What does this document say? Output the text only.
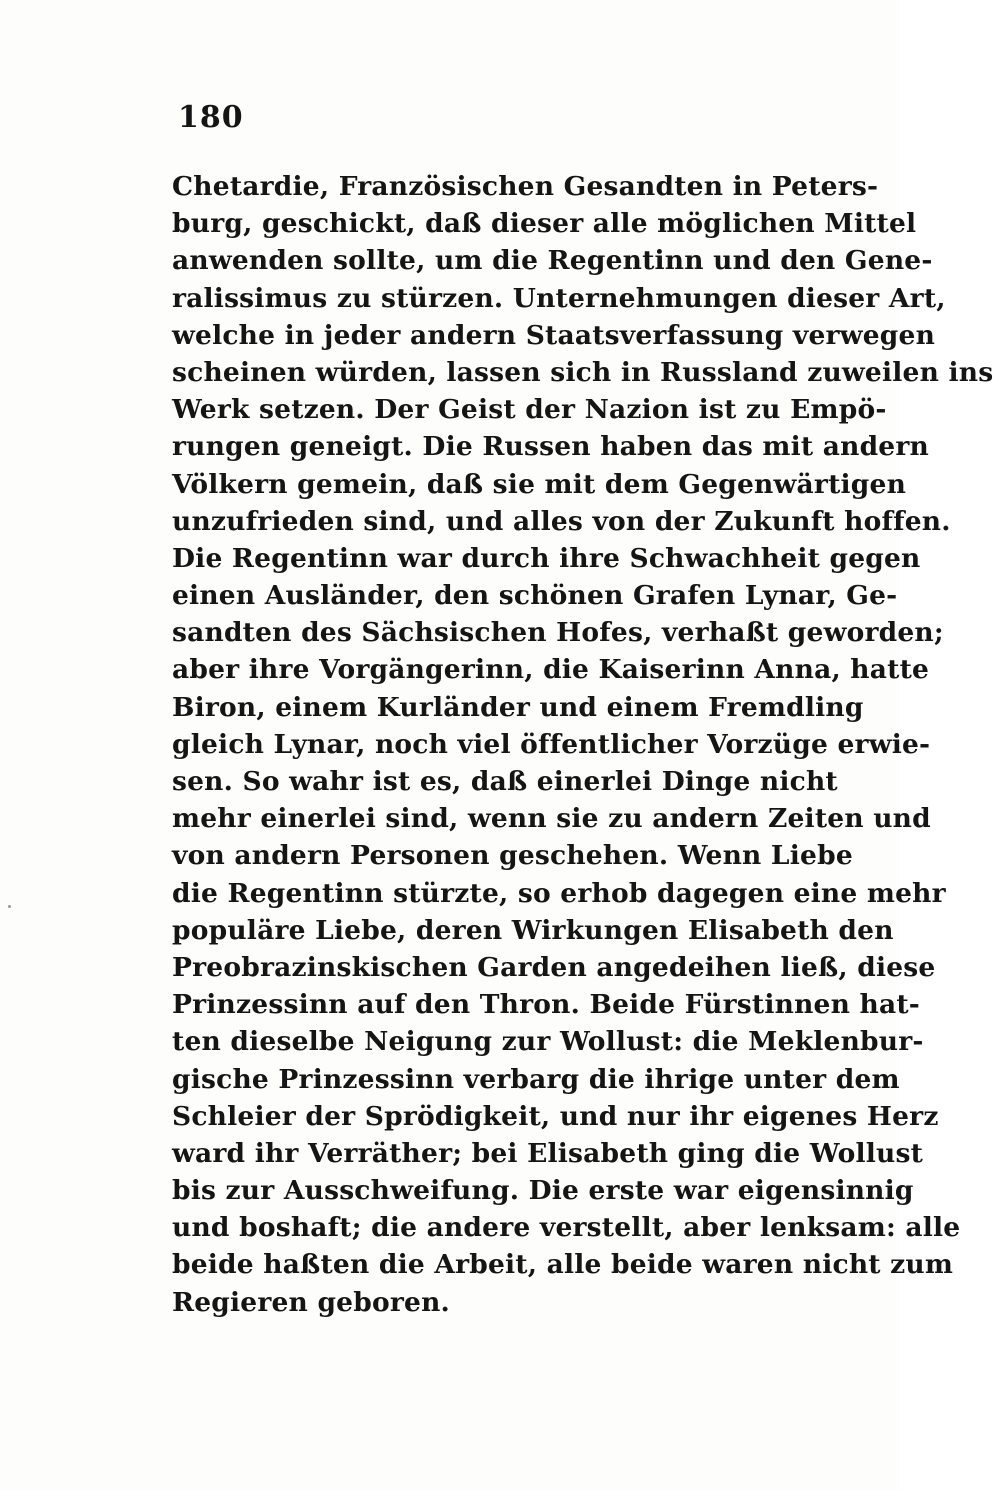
180
Chetardie, Französischen Gesandten in Peters-
burg, geschickt, daß dieser alle möglichen Mittel
anwenden sollte, um die Regentinn und den Gene-
ralissimus zu stürzen. Unternehmungen dieser Art,
welche in jeder andern Staatsverfassung verwegen
scheinen würden, lassen sich in Russland zuweilen ins
Werk setzen. Der Geist der Nazion ist zu Empö-
rungen geneigt. Die Russen haben das mit andern
Völkern gemein, daß sie mit dem Gegenwärtigen
unzufrieden sind, und alles von der Zukunft hoffen.
Die Regentinn war durch ihre Schwachheit gegen
einen Ausländer, den schönen Grafen Lynar, Ge-
sandten des Sächsischen Hofes, verhaßt geworden;
aber ihre Vorgängerinn, die Kaiserinn Anna, hatte
Biron, einem Kurländer und einem Fremdling
gleich Lynar, noch viel öffentlicher Vorzüge erwie-
sen. So wahr ist es, daß einerlei Dinge nicht
mehr einerlei sind, wenn sie zu andern Zeiten und
von andern Personen geschehen. Wenn Liebe
die Regentinn stürzte, so erhob dagegen eine mehr
populäre Liebe, deren Wirkungen Elisabeth den
Preobrazinskischen Garden angedeihen ließ, diese
Prinzessinn auf den Thron. Beide Fürstinnen hat-
ten dieselbe Neigung zur Wollust: die Meklenbur-
gische Prinzessinn verbarg die ihrige unter dem
Schleier der Sprödigkeit, und nur ihr eigenes Herz
ward ihr Verräther; bei Elisabeth ging die Wollust
bis zur Ausschweifung. Die erste war eigensinnig
und boshaft; die andere verstellt, aber lenksam: alle
beide haßten die Arbeit, alle beide waren nicht zum
Regieren geboren.
